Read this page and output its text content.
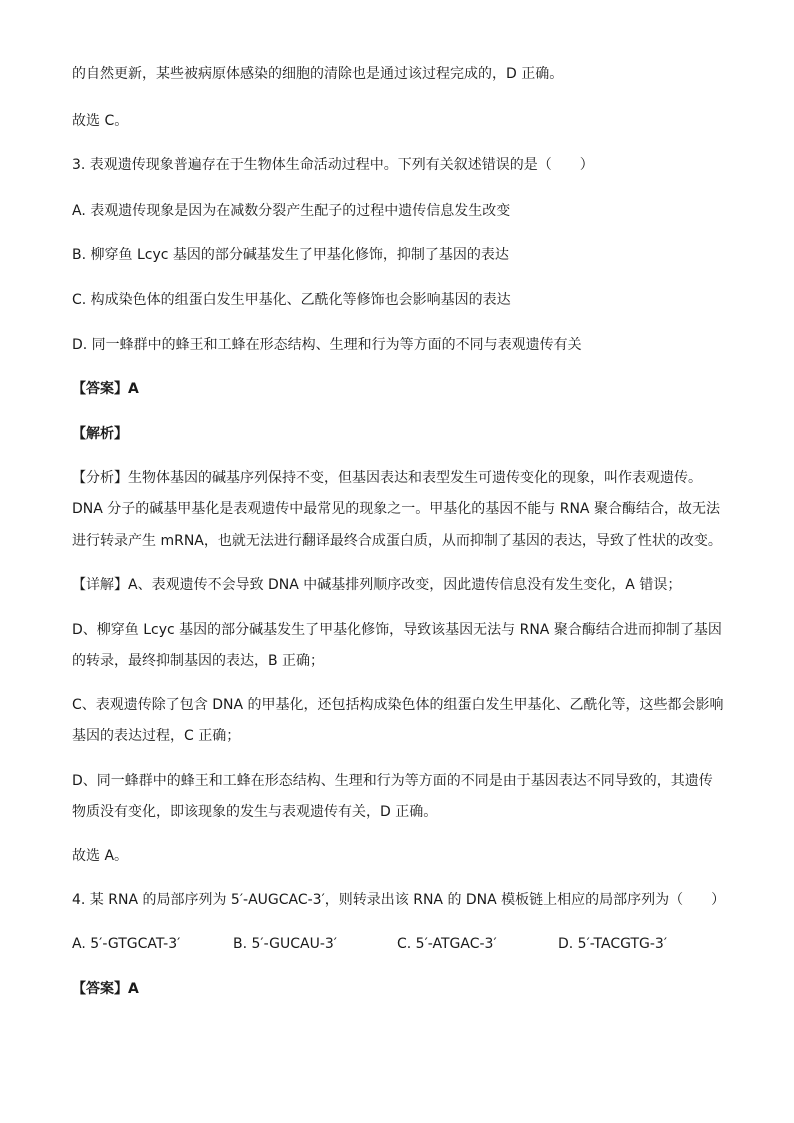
的自然更新，某些被病原体感染的细胞的清除也是通过该过程完成的，D 正确。
故选 C。
3. 表观遗传现象普遍存在于生物体生命活动过程中。下列有关叙述错误的是（　　）
A. 表观遗传现象是因为在减数分裂产生配子的过程中遗传信息发生改变
B. 柳穿鱼 Lcyc 基因的部分碱基发生了甲基化修饰，抑制了基因的表达
C. 构成染色体的组蛋白发生甲基化、乙酰化等修饰也会影响基因的表达
D. 同一蜂群中的蜂王和工蜂在形态结构、生理和行为等方面的不同与表观遗传有关
【答案】A
【解析】
【分析】生物体基因的碱基序列保持不变，但基因表达和表型发生可遗传变化的现象，叫作表观遗传。
DNA 分子的碱基甲基化是表观遗传中最常见的现象之一。甲基化的基因不能与 RNA 聚合酶结合，故无法
进行转录产生 mRNA，也就无法进行翻译最终合成蛋白质，从而抑制了基因的表达，导致了性状的改变。
【详解】A、表观遗传不会导致 DNA 中碱基排列顺序改变，因此遗传信息没有发生变化，A 错误；
D、柳穿鱼 Lcyc 基因的部分碱基发生了甲基化修饰，导致该基因无法与 RNA 聚合酶结合进而抑制了基因
的转录，最终抑制基因的表达，B 正确；
C、表观遗传除了包含 DNA 的甲基化，还包括构成染色体的组蛋白发生甲基化、乙酰化等，这些都会影响
基因的表达过程，C 正确；
D、同一蜂群中的蜂王和工蜂在形态结构、生理和行为等方面的不同是由于基因表达不同导致的，其遗传
物质没有变化，即该现象的发生与表观遗传有关，D 正确。
故选 A。
4. 某 RNA 的局部序列为 5′-AUGCAC-3′，则转录出该 RNA 的 DNA 模板链上相应的局部序列为（　　）
A. 5′-GTGCAT-3′	B. 5′-GUCAU-3′	C. 5′-ATGAC-3′	D. 5′-TACGTG-3′
【答案】A
